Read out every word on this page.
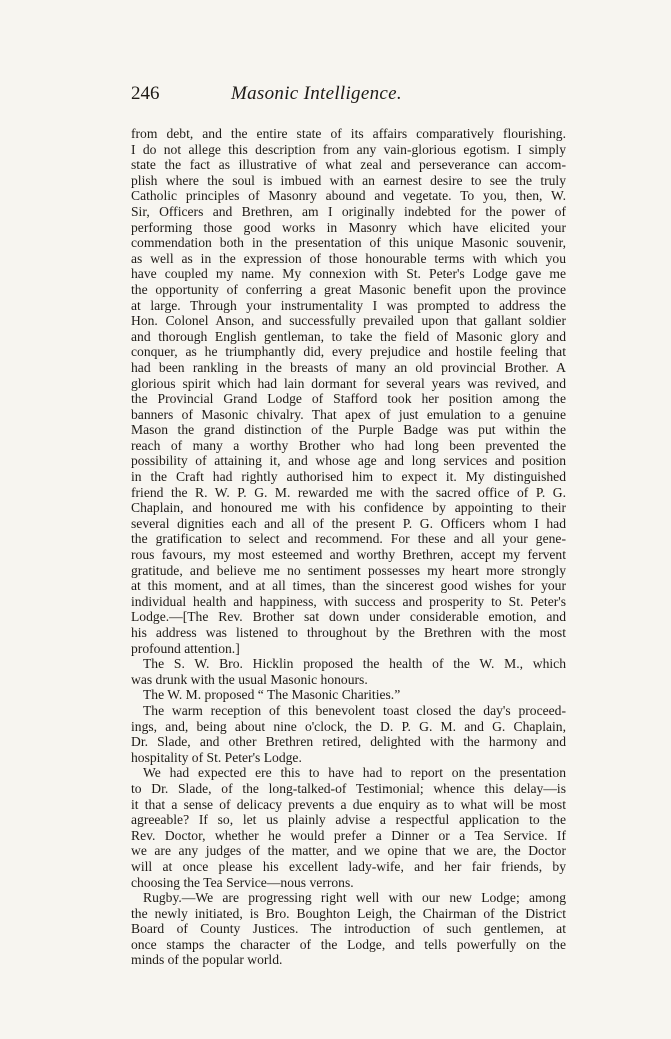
246	Masonic Intelligence.
from debt, and the entire state of its affairs comparatively flourishing.
I do not allege this description from any vain-glorious egotism. I simply
state the fact as illustrative of what zeal and perseverance can accom-
plish where the soul is imbued with an earnest desire to see the truly
Catholic principles of Masonry abound and vegetate. To you, then, W.
Sir, Officers and Brethren, am I originally indebted for the power of
performing those good works in Masonry which have elicited your
commendation both in the presentation of this unique Masonic souvenir,
as well as in the expression of those honourable terms with which you
have coupled my name. My connexion with St. Peter's Lodge gave me
the opportunity of conferring a great Masonic benefit upon the province
at large. Through your instrumentality I was prompted to address the
Hon. Colonel Anson, and successfully prevailed upon that gallant soldier
and thorough English gentleman, to take the field of Masonic glory and
conquer, as he triumphantly did, every prejudice and hostile feeling that
had been rankling in the breasts of many an old provincial Brother. A
glorious spirit which had lain dormant for several years was revived, and
the Provincial Grand Lodge of Stafford took her position among the
banners of Masonic chivalry. That apex of just emulation to a genuine
Mason the grand distinction of the Purple Badge was put within the
reach of many a worthy Brother who had long been prevented the
possibility of attaining it, and whose age and long services and position
in the Craft had rightly authorised him to expect it. My distinguished
friend the R. W. P. G. M. rewarded me with the sacred office of P. G.
Chaplain, and honoured me with his confidence by appointing to their
several dignities each and all of the present P. G. Officers whom I had
the gratification to select and recommend. For these and all your gene-
rous favours, my most esteemed and worthy Brethren, accept my fervent
gratitude, and believe me no sentiment possesses my heart more strongly
at this moment, and at all times, than the sincerest good wishes for your
individual health and happiness, with success and prosperity to St. Peter's
Lodge.—[The Rev. Brother sat down under considerable emotion, and
his address was listened to throughout by the Brethren with the most
profound attention.]
The S. W. Bro. Hicklin proposed the health of the W. M., which
was drunk with the usual Masonic honours.
The W. M. proposed “ The Masonic Charities.”
The warm reception of this benevolent toast closed the day's proceed-
ings, and, being about nine o'clock, the D. P. G. M. and G. Chaplain,
Dr. Slade, and other Brethren retired, delighted with the harmony and
hospitality of St. Peter's Lodge.
We had expected ere this to have had to report on the presentation
to Dr. Slade, of the long-talked-of Testimonial; whence this delay—is
it that a sense of delicacy prevents a due enquiry as to what will be most
agreeable? If so, let us plainly advise a respectful application to the
Rev. Doctor, whether he would prefer a Dinner or a Tea Service. If
we are any judges of the matter, and we opine that we are, the Doctor
will at once please his excellent lady-wife, and her fair friends, by
choosing the Tea Service—nous verrons.
Rugby.—We are progressing right well with our new Lodge; among
the newly initiated, is Bro. Boughton Leigh, the Chairman of the District
Board of County Justices. The introduction of such gentlemen, at
once stamps the character of the Lodge, and tells powerfully on the
minds of the popular world.
